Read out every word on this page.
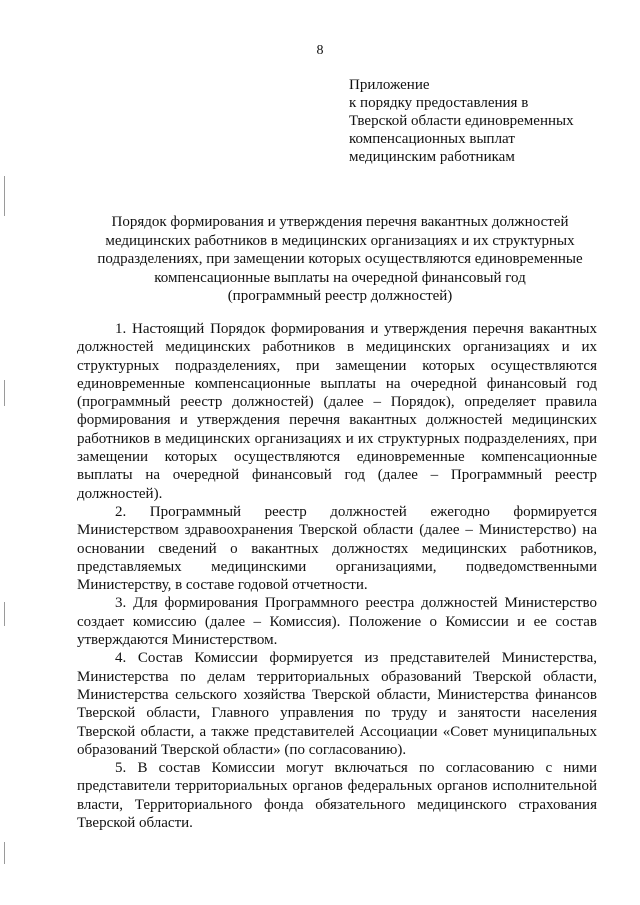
8
Приложение
к порядку предоставления в
Тверской области единовременных
компенсационных выплат
медицинским работникам
Порядок формирования и утверждения перечня вакантных должностей
медицинских работников в медицинских организациях и их структурных
подразделениях, при замещении которых осуществляются единовременные
компенсационные выплаты на очередной финансовый год
(программный реестр должностей)

1. Настоящий Порядок формирования и утверждения перечня вакантных должностей медицинских работников в медицинских организациях и их структурных подразделениях, при замещении которых осуществляются единовременные компенсационные выплаты на очередной финансовый год (программный реестр должностей) (далее – Порядок), определяет правила формирования и утверждения перечня вакантных должностей медицинских работников в медицинских организациях и их структурных подразделениях, при замещении которых осуществляются единовременные компенсационные выплаты на очередной финансовый год (далее – Программный реестр должностей).

2. Программный реестр должностей ежегодно формируется Министерством здравоохранения Тверской области (далее – Министерство) на основании сведений о вакантных должностях медицинских работников, представляемых медицинскими организациями, подведомственными Министерству, в составе годовой отчетности.

3. Для формирования Программного реестра должностей Министерство создает комиссию (далее – Комиссия). Положение о Комиссии и ее состав утверждаются Министерством.

4. Состав Комиссии формируется из представителей Министерства, Министерства по делам территориальных образований Тверской области, Министерства сельского хозяйства Тверской области, Министерства финансов Тверской области, Главного управления по труду и занятости населения Тверской области, а также представителей Ассоциации «Совет муниципальных образований Тверской области» (по согласованию).

5. В состав Комиссии могут включаться по согласованию с ними представители территориальных органов федеральных органов исполнительной власти, Территориального фонда обязательного медицинского страхования Тверской области.
